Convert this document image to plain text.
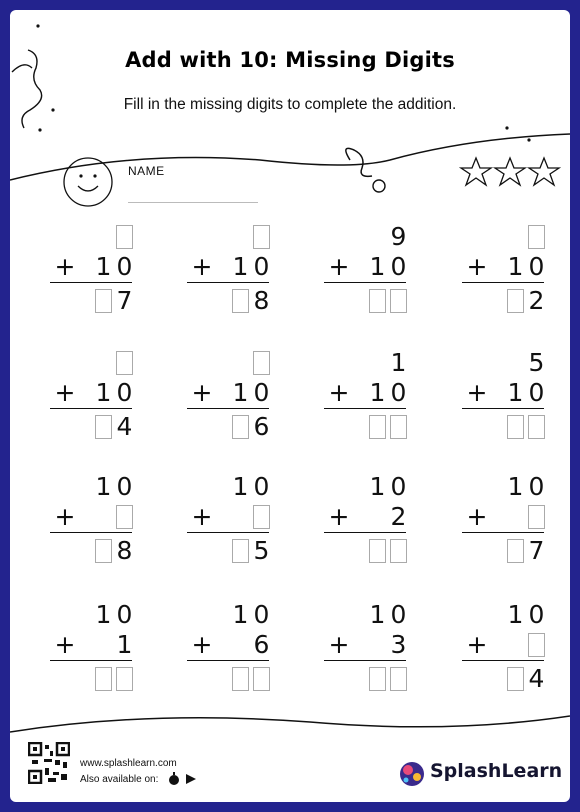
Add with 10: Missing Digits
Fill in the missing digits to complete the addition.
NAME
+ 1 0
7
+ 1 0
8
9
+ 1 0 + 1 0
2
+ 1 0
4
+ 1 0
6
1
+ 1 0
5
+ 1 0
1 0
+
8
1 0
+
5
1 0
+ 2
1 0
+
7
1 0
+ 1
1 0
+ 6
1 0
+ 3
1 0
+
4
www.splashlearn.com
Also available on:	SplashLearn
